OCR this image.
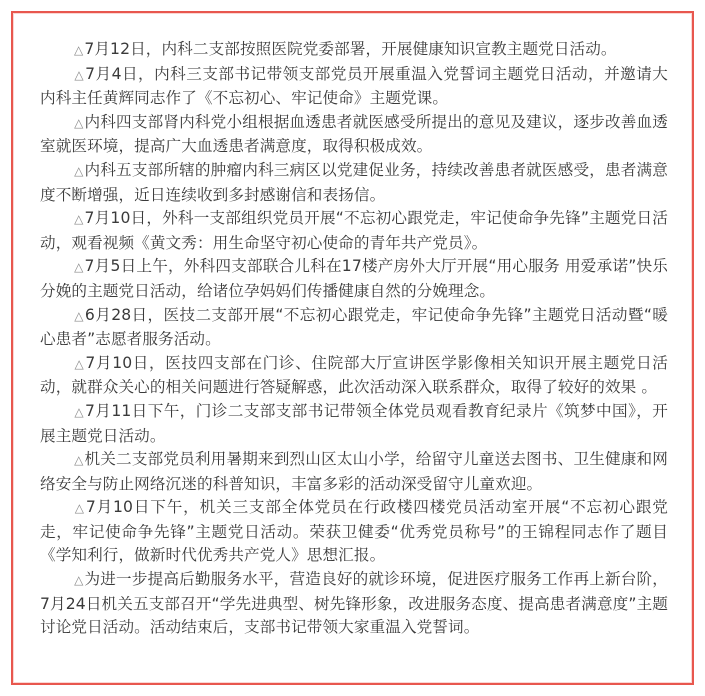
△7月12日，内科二支部按照医院党委部署，开展健康知识宣教主题党日活动。

△7月4日，内科三支部书记带领支部党员开展重温入党誓词主题党日活动，并邀请大内科主任黄辉同志作了《不忘初心、牢记使命》主题党课。

△内科四支部肾内科党小组根据血透患者就医感受所提出的意见及建议，逐步改善血透室就医环境，提高广大血透患者满意度，取得积极成效。

△内科五支部所辖的肿瘤内科三病区以党建促业务，持续改善患者就医感受，患者满意度不断增强，近日连续收到多封感谢信和表扬信。

△7月10日，外科一支部组织党员开展“不忘初心跟党走，牢记使命争先锋”主题党日活动，观看视频《黄文秀：用生命坚守初心使命的青年共产党员》。

△7月5日上午，外科四支部联合儿科在17楼产房外大厅开展“用心服务 用爱承诺”快乐分娩的主题党日活动，给诸位孕妈妈们传播健康自然的分娩理念。

△6月28日，医技二支部开展“不忘初心跟党走，牢记使命争先锋”主题党日活动暨“暖心患者”志愿者服务活动。

△7月10日，医技四支部在门诊、住院部大厅宣讲医学影像相关知识开展主题党日活动，就群众关心的相关问题进行答疑解惑，此次活动深入联系群众，取得了较好的效果 。

△7月11日下午，门诊二支部支部书记带领全体党员观看教育纪录片《筑梦中国》，开展主题党日活动。

△机关二支部党员利用暑期来到烈山区太山小学，给留守儿童送去图书、卫生健康和网络安全与防止网络沉迷的科普知识，丰富多彩的活动深受留守儿童欢迎。

△7月10日下午，机关三支部全体党员在行政楼四楼党员活动室开展“不忘初心跟党走，牢记使命争先锋”主题党日活动。荣获卫健委“优秀党员称号”的王锦程同志作了题目《学知利行，做新时代优秀共产党人》思想汇报。

△为进一步提高后勤服务水平，营造良好的就诊环境，促进医疗服务工作再上新台阶， 7月24日机关五支部召开“学先进典型、树先锋形象，改进服务态度、提高患者满意度”主题讨论党日活动。活动结束后，支部书记带领大家重温入党誓词。
